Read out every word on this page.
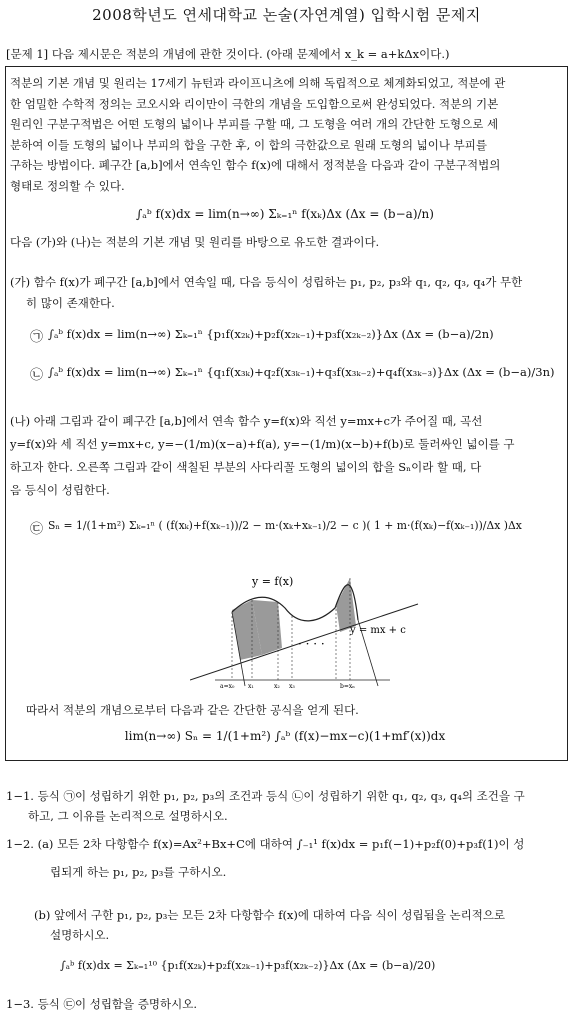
2008학년도 연세대학교 논술(자연계열) 입학시험 문제지
[문제 1] 다음 제시문은 적분의 개념에 관한 것이다. (아래 문제에서 x_k = a+kΔx이다.)
적분의 기본 개념 및 원리는 17세기 뉴턴과 라이프니츠에 의해 독립적으로 체계화되었고, 적분에 관
한 엄밀한 수학적 정의는 코오시와 리이만이 극한의 개념을 도입함으로써 완성되었다. 적분의 기본
원리인 구분구적법은 어떤 도형의 넓이나 부피를 구할 때, 그 도형을 여러 개의 간단한 도형으로 세
분하여 이들 도형의 넓이나 부피의 합을 구한 후, 이 합의 극한값으로 원래 도형의 넓이나 부피를
구하는 방법이다. 폐구간 [a,b]에서 연속인 함수 f(x)에 대해서 정적분을 다음과 같이 구분구적법의
형태로 정의할 수 있다.
∫ₐᵇ f(x)dx = lim(n→∞) Σₖ₌₁ⁿ f(xₖ)Δx (Δx = (b−a)/n)
다음 (가)와 (나)는 적분의 기본 개념 및 원리를 바탕으로 유도한 결과이다.
(가) 함수 f(x)가 폐구간 [a,b]에서 연속일 때, 다음 등식이 성립하는 p₁, p₂, p₃와 q₁, q₂, q₃, q₄가 무한
히 많이 존재한다.
㉠ ∫ₐᵇ f(x)dx = lim(n→∞) Σₖ₌₁ⁿ {p₁f(x₂ₖ)+p₂f(x₂ₖ₋₁)+p₃f(x₂ₖ₋₂)}Δx (Δx = (b−a)/2n)
㉡ ∫ₐᵇ f(x)dx = lim(n→∞) Σₖ₌₁ⁿ {q₁f(x₃ₖ)+q₂f(x₃ₖ₋₁)+q₃f(x₃ₖ₋₂)+q₄f(x₃ₖ₋₃)}Δx (Δx = (b−a)/3n)
(나) 아래 그림과 같이 폐구간 [a,b]에서 연속 함수 y=f(x)와 직선 y=mx+c가 주어질 때, 곡선
y=f(x)와 세 직선 y=mx+c, y=−(1/m)(x−a)+f(a), y=−(1/m)(x−b)+f(b)로 둘러싸인 넓이를 구
하고자 한다. 오른쪽 그림과 같이 색칠된 부분의 사다리꼴 도형의 넓이의 합을 Sₙ이라 할 때, 다
음 등식이 성립한다.
㉢ Sₙ = 1/(1+m²) Σₖ₌₁ⁿ ( (f(xₖ)+f(xₖ₋₁))/2 − m·(xₖ+xₖ₋₁)/2 − c )( 1 + m·(f(xₖ)−f(xₖ₋₁))/Δx )Δx
y = f(x)
y = mx + c
· · · ·
a=x₀ x₁	x₂ x₃	b=xₙ
따라서 적분의 개념으로부터 다음과 같은 간단한 공식을 얻게 된다.
lim(n→∞) Sₙ = 1/(1+m²) ∫ₐᵇ (f(x)−mx−c)(1+mf′(x))dx
1−1. 등식 ㉠이 성립하기 위한 p₁, p₂, p₃의 조건과 등식 ㉡이 성립하기 위한 q₁, q₂, q₃, q₄의 조건을 구
하고, 그 이유를 논리적으로 설명하시오.
1−2. (a) 모든 2차 다항함수 f(x)=Ax²+Bx+C에 대하여 ∫₋₁¹ f(x)dx = p₁f(−1)+p₂f(0)+p₃f(1)이 성
립되게 하는 p₁, p₂, p₃를 구하시오.
(b) 앞에서 구한 p₁, p₂, p₃는 모든 2차 다항함수 f(x)에 대하여 다음 식이 성립됨을 논리적으로
설명하시오.
∫ₐᵇ f(x)dx = Σₖ₌₁¹⁰ {p₁f(x₂ₖ)+p₂f(x₂ₖ₋₁)+p₃f(x₂ₖ₋₂)}Δx (Δx = (b−a)/20)
1−3. 등식 ㉢이 성립함을 증명하시오.
